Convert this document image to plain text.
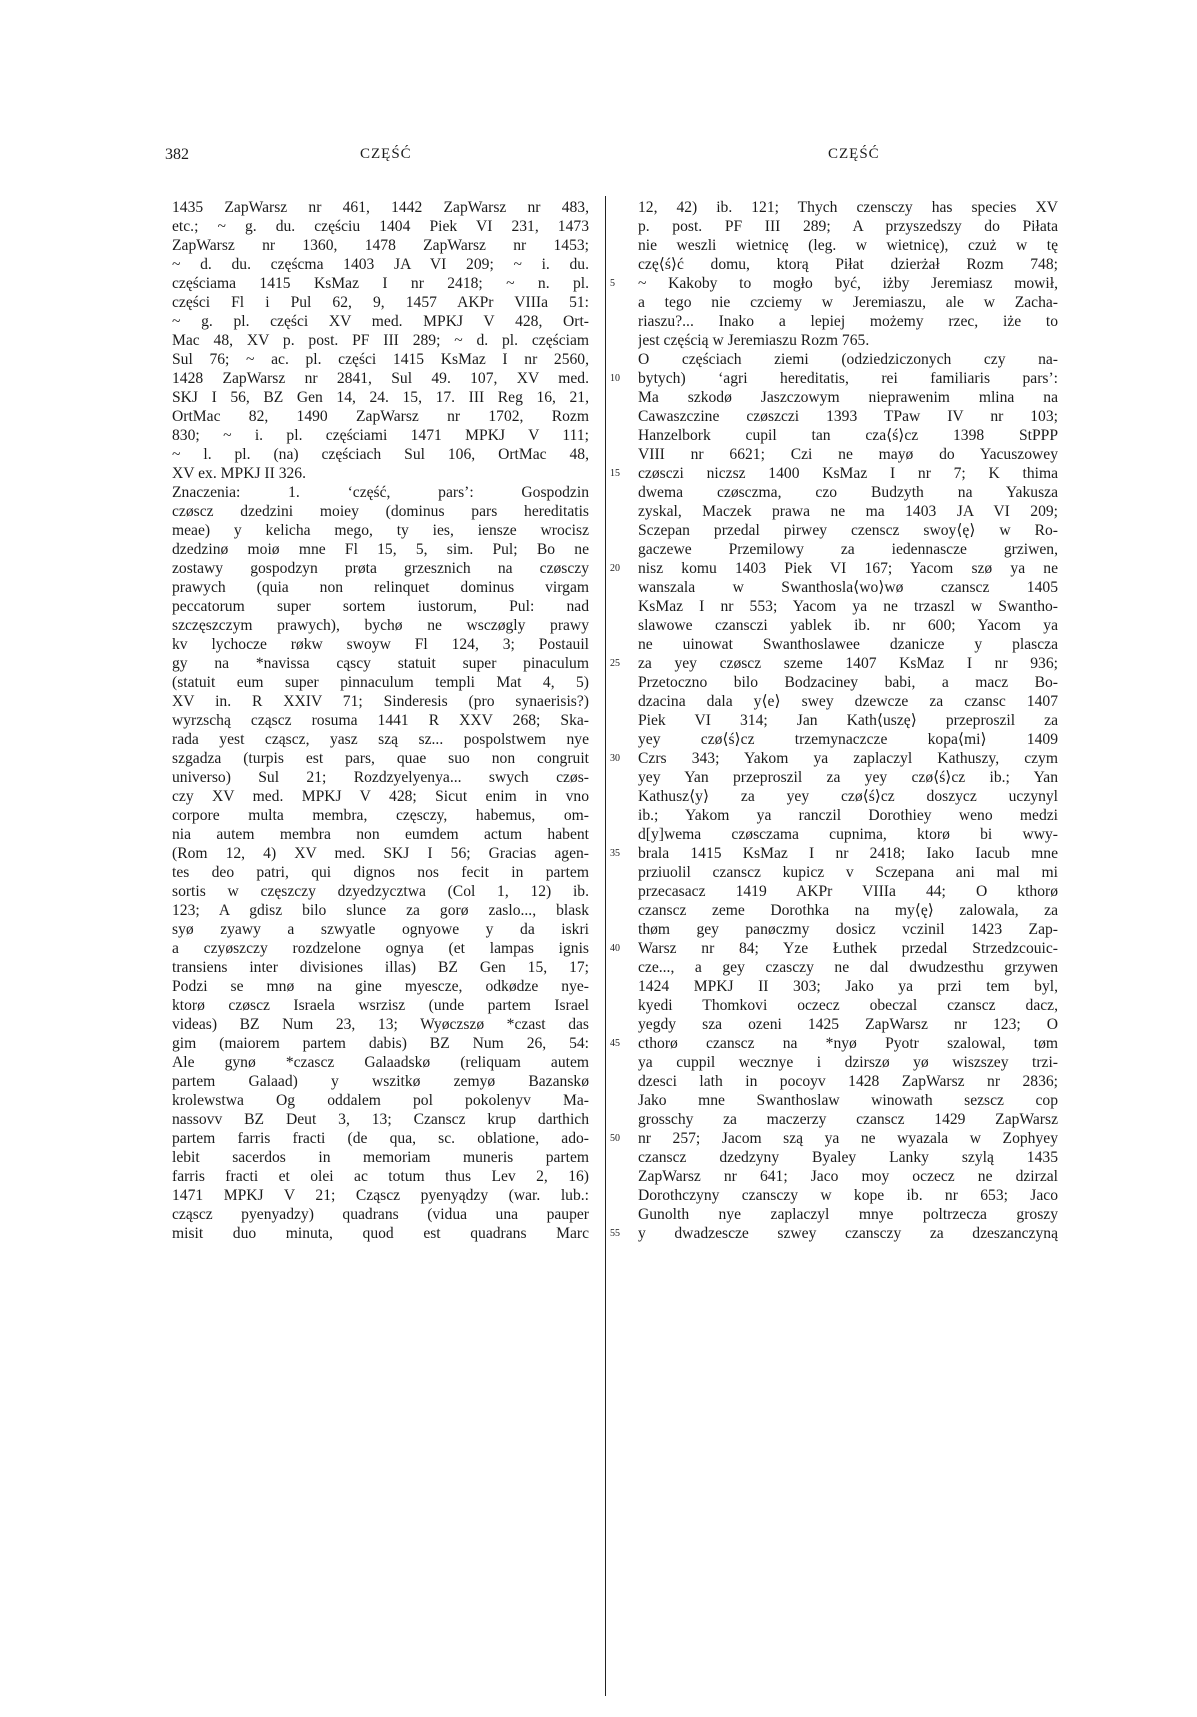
382	CZĘŚĆ	CZĘŚĆ
1435 ZapWarsz nr 461, 1442 ZapWarsz nr 483,
etc.; ~ g. du. częściu 1404 Piek VI 231, 1473
ZapWarsz nr 1360, 1478 ZapWarsz nr 1453;
~ d. du. częścma 1403 JA VI 209; ~ i. du.
częściama 1415 KsMaz I nr 2418; ~ n. pl.
części Fl i Pul 62, 9, 1457 AKPr VIIIa 51:
~ g. pl. części XV med. MPKJ V 428, Ort-
Mac 48, XV p. post. PF III 289; ~ d. pl. częściam
Sul 76; ~ ac. pl. części 1415 KsMaz I nr 2560,
1428 ZapWarsz nr 2841, Sul 49. 107, XV med.
SKJ I 56, BZ Gen 14, 24. 15, 17. III Reg 16, 21,
OrtMac 82, 1490 ZapWarsz nr 1702, Rozm
830; ~ i. pl. częściami 1471 MPKJ V 111;
~ l. pl. (na) częściach Sul 106, OrtMac 48,
XV ex. MPKJ II 326.
Znaczenia: 1. ‘część, pars’: Gospodzin
czøscz dzedzini moiey (dominus pars hereditatis
meae) y kelicha mego, ty ies, iensze wrocisz
dzedzinø moiø mne Fl 15, 5, sim. Pul; Bo ne
zostawy gospodzyn prøta grzesznich na czøsczy
prawych (quia non relinquet dominus virgam
peccatorum super sortem iustorum, Pul: nad
szczęszczym prawych), bychø ne wsczøgly prawy
kv lychocze røkw swoyw Fl 124, 3; Postauil
gy na *navissa cąscy statuit super pinaculum
(statuit eum super pinnaculum templi Mat 4, 5)
XV in. R XXIV 71; Sinderesis (pro synaerisis?)
wyrzschą cząscz rosuma 1441 R XXV 268; Ska-
rada yest cząscz, yasz szą sz... pospolstwem nye
szgadza (turpis est pars, quae suo non congruit
universo) Sul 21; Rozdzyelyenya... swych czøs-
czy XV med. MPKJ V 428; Sicut enim in vno
corpore multa membra, częsczy, habemus, om-
nia autem membra non eumdem actum habent
(Rom 12, 4) XV med. SKJ I 56; Gracias agen-
tes deo patri, qui dignos nos fecit in partem
sortis w częszczy dzyedzycztwa (Col 1, 12) ib.
123; A gdisz bilo slunce za gorø zaslo..., blask
syø zyawy a szwyatle ognyowe y da iskri
a czyøszczy rozdzelone ognya (et lampas ignis
transiens inter divisiones illas) BZ Gen 15, 17;
Podzi se mnø na gine myescze, odkødze nye-
ktorø czøscz Israela wsrzisz (unde partem Israel
videas) BZ Num 23, 13; Wyøczszø *czast das
gim (maiorem partem dabis) BZ Num 26, 54:
Ale gynø *czascz Galaadskø (reliquam autem
partem Galaad) y wszitkø zemyø Bazanskø
krolewstwa Og oddalem pol pokolenyv Ma-
nassovv BZ Deut 3, 13; Czanscz krup darthich
partem farris fracti (de qua, sc. oblatione, ado-
lebit sacerdos in memoriam muneris partem
farris fracti et olei ac totum thus Lev 2, 16)
1471 MPKJ V 21; Cząscz pyenyądzy (war. lub.:
cząscz pyenyadzy) quadrans (vidua una pauper
misit duo minuta, quod est quadrans Marc
5
10
15
20
25
30
35
40
45
50
55
12, 42) ib. 121; Thych czensczy has species XV
p. post. PF III 289; A przyszedszy do Piłata
nie weszli wietnicę (leg. w wietnicę), czuż w tę
czę⟨ś⟩ć domu, ktorą Piłat dzierżał Rozm 748;
~ Kakoby to mogło być, iżby Jeremiasz mowił,
a tego nie czciemy w Jeremiaszu, ale w Zacha-
riaszu?... Inako a lepiej możemy rzec, iże to
jest częścią w Jeremiaszu Rozm 765.
O częściach ziemi (odziedziczonych czy na-
bytych) ‘agri hereditatis, rei familiaris pars’:
Ma szkodø Jaszczowym nieprawenim mlina na
Cawaszczine czøszczi 1393 TPaw IV nr 103;
Hanzelbork cupil tan cza⟨ś⟩cz 1398 StPPP
VIII nr 6621; Czi ne mayø do Yacuszowey
czøsczi niczsz 1400 KsMaz I nr 7; K thima
dwema czøsczma, czo Budzyth na Yakusza
zyskal, Maczek prawa ne ma 1403 JA VI 209;
Sczepan przedal pirwey czenscz swoy⟨ę⟩ w Ro-
gaczewe Przemilowy za iedennascze grziwen,
nisz komu 1403 Piek VI 167; Yacom szø ya ne
wanszala w Swanthosla⟨wo⟩wø czanscz 1405
KsMaz I nr 553; Yacom ya ne trzaszl w Swantho-
slawowe czansczi yablek ib. nr 600; Yacom ya
ne uinowat Swanthoslawee dzanicze y plascza
za yey czøscz szeme 1407 KsMaz I nr 936;
Przetoczno bilo Bodzaciney babi, a macz Bo-
dzacina dala y⟨e⟩ swey dzewcze za czansc 1407
Piek VI 314; Jan Kath⟨uszę⟩ przeproszil za
yey czø⟨ś⟩cz trzemynaczcze kopa⟨mi⟩ 1409
Czrs 343; Yakom ya zaplaczyl Kathuszy, czym
yey Yan przeproszil za yey czø⟨ś⟩cz ib.; Yan
Kathusz⟨y⟩ za yey czø⟨ś⟩cz doszycz uczynyl
ib.; Yakom ya ranczil Dorothiey weno medzi
d[y]wema czøsczama cupnima, ktorø bi wwy-
brala 1415 KsMaz I nr 2418; Iako Iacub mne
prziuolil czanscz kupicz v Sczepana ani mal mi
przecasacz 1419 AKPr VIIIa 44; O kthorø
czanscz zeme Dorothka na my⟨ę⟩ zalowala, za
thøm gey panøczmy dosicz vczinil 1423 Zap-
Warsz nr 84; Yze Łuthek przedal Strzedzcouic-
cze..., a gey czasczy ne dal dwudzesthu grzywen
1424 MPKJ II 303; Jako ya przi tem byl,
kyedi Thomkovi oczecz obeczal czanscz dacz,
yegdy sza ozeni 1425 ZapWarsz nr 123; O
cthorø czanscz na *nyø Pyotr szalowal, tøm
ya cuppil wecznye i dzirszø yø wiszszey trzi-
dzesci lath in pocoyv 1428 ZapWarsz nr 2836;
Jako mne Swanthoslaw winowath sezscz cop
grosschy za maczerzy czanscz 1429 ZapWarsz
nr 257; Jacom szą ya ne wyazala w Zophyey
czanscz dzedzyny Byaley Lanky szylą 1435
ZapWarsz nr 641; Jaco moy oczecz ne dzirzal
Dorothczyny czansczy w kope ib. nr 653; Jaco
Gunolth nye zaplaczyl mnye poltrzecza groszy
y dwadzescze szwey czansczy za dzeszanczyną
